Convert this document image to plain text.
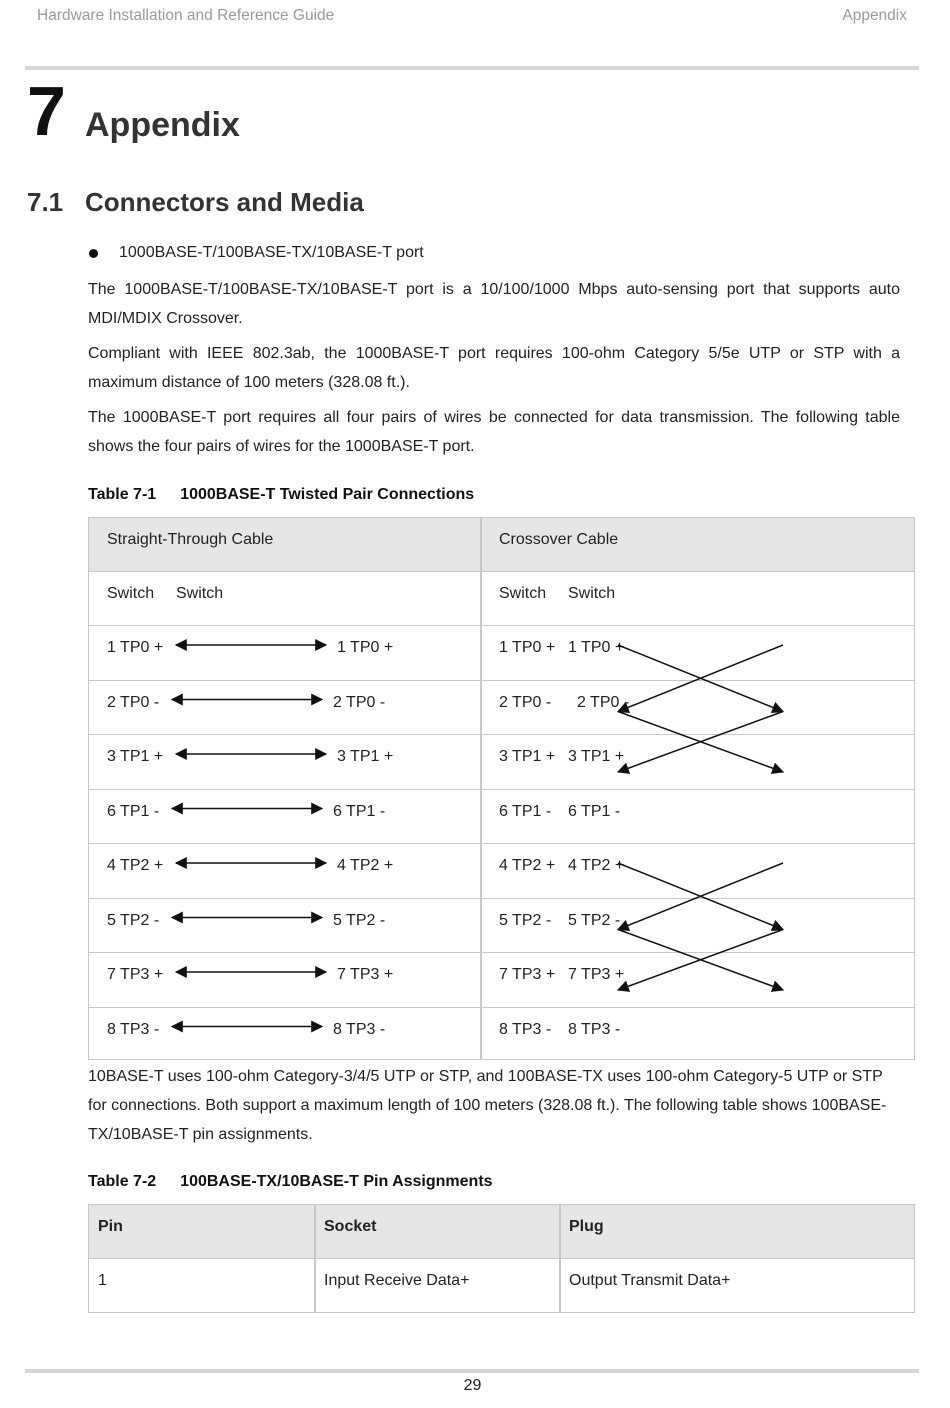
Hardware Installation and Reference Guide	Appendix
7 Appendix
7.1 Connectors and Media
1000BASE-T/100BASE-TX/10BASE-T port

The 1000BASE-T/100BASE-TX/10BASE-T port is a 10/100/1000 Mbps auto-sensing port that supports auto MDI/MDIX Crossover.

Compliant with IEEE 802.3ab, the 1000BASE-T port requires 100-ohm Category 5/5e UTP or STP with a maximum distance of 100 meters (328.08 ft.).

The 1000BASE-T port requires all four pairs of wires be connected for data transmission. The following table shows the four pairs of wires for the 1000BASE-T port.

Table 7-1 1000BASE-T Twisted Pair Connections
Straight-Through Cable	Crossover Cable
Switch Switch	Switch Switch
1 TP0 +	1 TP0 +	1 TP0 + 1 TP0 +
2 TP0 -	2 TP0 -	2 TP0 - 2 TP0 -
3 TP1 +	3 TP1 +	3 TP1 + 3 TP1 +
6 TP1 -	6 TP1 -	6 TP1 - 6 TP1 -
4 TP2 +	4 TP2 +	4 TP2 + 4 TP2 +
5 TP2 -	5 TP2 -	5 TP2 - 5 TP2 -
7 TP3 +	7 TP3 +	7 TP3 + 7 TP3 +
8 TP3 -	8 TP3 -	8 TP3 - 8 TP3 -

10BASE-T uses 100-ohm Category-3/4/5 UTP or STP, and 100BASE-TX uses 100-ohm Category-5 UTP or STP for connections. Both support a maximum length of 100 meters (328.08 ft.). The following table shows 100BASE-TX/10BASE-T pin assignments.

Table 7-2 100BASE-TX/10BASE-T Pin Assignments
Pin	Socket	Plug
1	Input Receive Data+	Output Transmit Data+
29
